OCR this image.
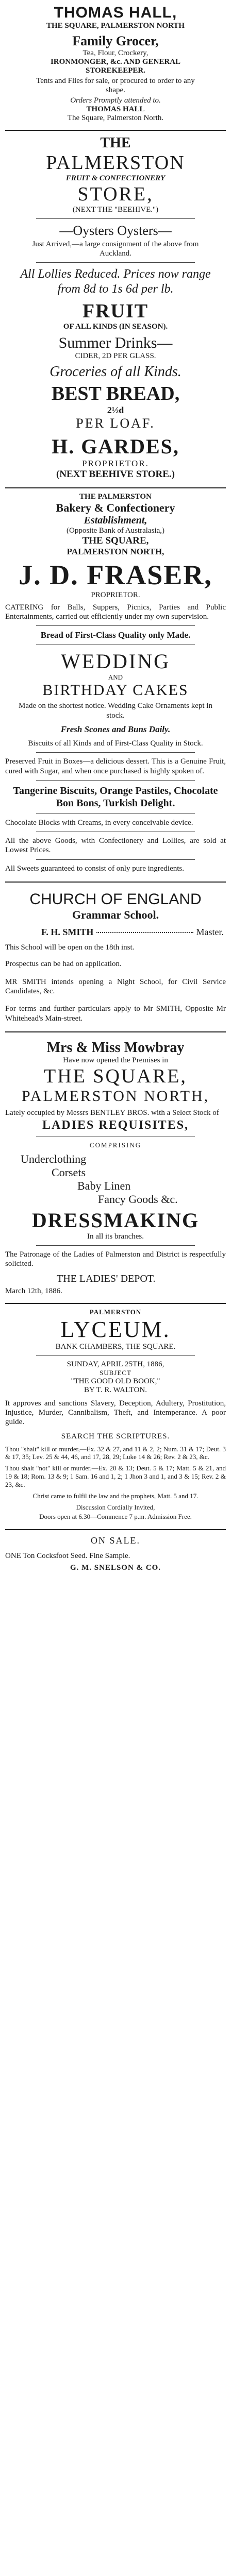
THOMAS HALL,
THE SQUARE, PALMERSTON NORTH
Family Grocer,
Tea, Flour, Crockery,
IRONMONGER, &c. AND GENERAL
STOREKEEPER.
Tents and Flies for sale, or procured to order to any shape.
Orders Promptly attended to.
THOMAS HALL
The Square, Palmerston North.
THE
PALMERSTON
FRUIT & CONFECTIONERY
STORE,
(NEXT THE "BEEHIVE.")
—Oysters Oysters—
Just Arrived,—a large consignment of the above from Auckland.
All Lollies Reduced. Prices now range from 8d to 1s 6d per lb.
FRUIT
OF ALL KINDS (IN SEASON).
Summer Drinks—
CIDER, 2D PER GLASS.
Groceries of all Kinds.
BEST BREAD,
2½d
PER LOAF.
H. GARDES,
PROPRIETOR.
(NEXT BEEHIVE STORE.)
THE PALMERSTON
Bakery & Confectionery
Establishment,
(Opposite Bank of Australasia,)
THE SQUARE,
PALMERSTON NORTH,
J. D. FRASER,
PROPRIETOR.
CATERING for Balls, Suppers, Picnics, Parties and Public Entertainments, carried out efficiently under my own supervision.
Bread of First-Class Quality only Made.
WEDDING
AND
BIRTHDAY CAKES
Made on the shortest notice. Wedding Cake Ornaments kept in stock.
Fresh Scones and Buns Daily.
Biscuits of all Kinds and of First-Class Quality in Stock.
Preserved Fruit in Boxes—a delicious dessert. This is a Genuine Fruit, cured with Sugar, and when once purchased is highly spoken of.
Tangerine Biscuits, Orange Pastiles, Chocolate Bon Bons, Turkish Delight.
Chocolate Blocks with Creams, in every conceivable device.
All the above Goods, with Confectionery and Lollies, are sold at Lowest Prices.
All Sweets guaranteed to consist of only pure ingredients.
CHURCH OF ENGLAND
Grammar School.
F. H. SMITH	Master.
This School will be open on the 18th inst.
Prospectus can be had on application.
MR SMITH intends opening a Night School, for Civil Service Candidates, &c.
For terms and further particulars apply to Mr SMITH, Opposite Mr Whitehead's Main-street.
Mrs & Miss Mowbray
Have now opened the Premises in
THE SQUARE,
PALMERSTON NORTH,
Lately occupied by Messrs BENTLEY BROS. with a Select Stock of
LADIES REQUISITES,
COMPRISING
Underclothing
Corsets
Baby Linen
Fancy Goods &c.
DRESSMAKING
In all its branches.
The Patronage of the Ladies of Palmerston and District is respectfully solicited.
THE LADIES' DEPOT.
March 12th, 1886.
PALMERSTON
LYCEUM.
BANK CHAMBERS, THE SQUARE.
SUNDAY, APRIL 25TH, 1886,
SUBJECT
"THE GOOD OLD BOOK,"
BY T. R. WALTON.
It approves and sanctions Slavery, Deception, Adultery, Prostitution, Injustice, Murder, Cannibalism, Theft, and Intemperance. A poor guide.
SEARCH THE SCRIPTURES.
Thou "shalt" kill or murder,—Ex. 32 & 27, and 11 & 2, 2; Num. 31 & 17; Deut. 3 & 17, 35; Lev. 25 & 44, 46, and 17, 28, 29; Luke 14 & 26; Rev. 2 & 23, &c.
Thou shalt "not" kill or murder.—Ex. 20 & 13; Deut. 5 & 17; Matt. 5 & 21, and 19 & 18; Rom. 13 & 9; 1 Sam. 16 and 1, 2; 1 Jhon 3 and 1, and 3 & 15; Rev. 2 & 23, &c.
Christ came to fulfil the law and the prophets, Matt. 5 and 17.
Discussion Cordially Invited,
Doors open at 6.30—Commence 7 p.m. Admission Free.
ON SALE.
ONE Ton Cocksfoot Seed. Fine Sample.
G. M. SNELSON & CO.
